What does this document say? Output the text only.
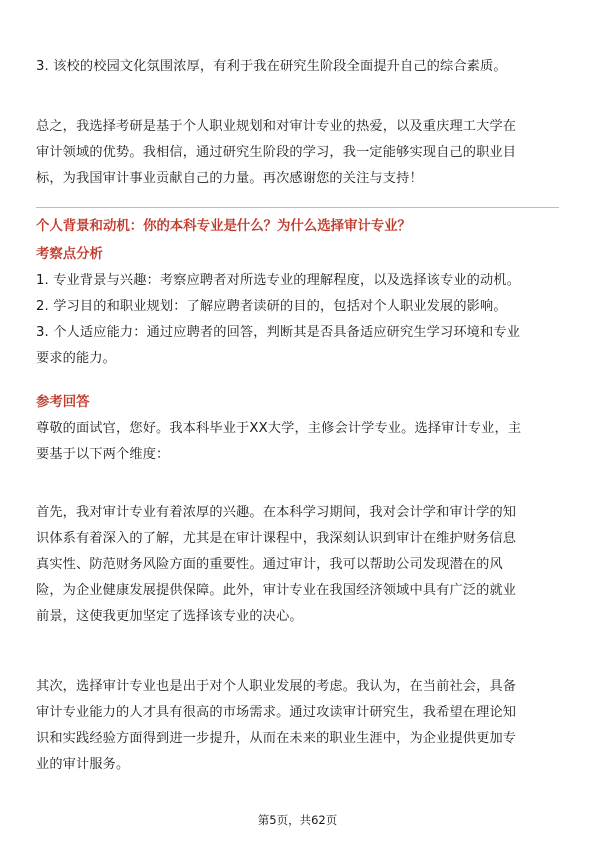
3. 该校的校园文化氛围浓厚，有利于我在研究生阶段全面提升自己的综合素质。

总之，我选择考研是基于个人职业规划和对审计专业的热爱，以及重庆理工大学在
审计领域的优势。我相信，通过研究生阶段的学习，我一定能够实现自己的职业目
标，为我国审计事业贡献自己的力量。再次感谢您的关注与支持！

个人背景和动机：你的本科专业是什么？为什么选择审计专业？
考察点分析

1. 专业背景与兴趣：考察应聘者对所选专业的理解程度，以及选择该专业的动机。
2. 学习目的和职业规划：了解应聘者读研的目的，包括对个人职业发展的影响。
3. 个人适应能力：通过应聘者的回答，判断其是否具备适应研究生学习环境和专业
要求的能力。

参考回答

尊敬的面试官，您好。我本科毕业于XX大学，主修会计学专业。选择审计专业，主
要基于以下两个维度：

首先，我对审计专业有着浓厚的兴趣。在本科学习期间，我对会计学和审计学的知
识体系有着深入的了解，尤其是在审计课程中，我深刻认识到审计在维护财务信息
真实性、防范财务风险方面的重要性。通过审计，我可以帮助公司发现潜在的风
险，为企业健康发展提供保障。此外，审计专业在我国经济领域中具有广泛的就业
前景，这使我更加坚定了选择该专业的决心。

其次，选择审计专业也是出于对个人职业发展的考虑。我认为，在当前社会，具备
审计专业能力的人才具有很高的市场需求。通过攻读审计研究生，我希望在理论知
识和实践经验方面得到进一步提升，从而在未来的职业生涯中，为企业提供更加专
业的审计服务。

第5页，共62页
